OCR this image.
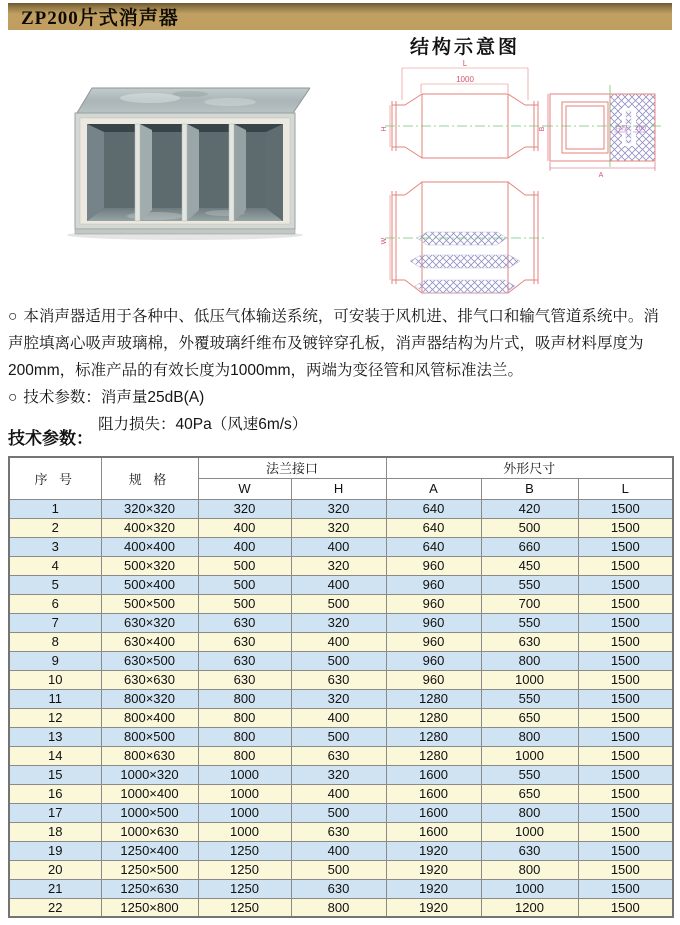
ZP200片式消声器
结构示意图
L
1000
H
W
B
A
片厚 200

○ 本消声器适用于各种中、低压气体输送系统，可安装于风机进、排气口和输气管道系统中。消声腔填离心吸声玻璃棉，外覆玻璃纤维布及镀锌穿孔板，消声器结构为片式，吸声材料厚度为200mm，标准产品的有效长度为1000mm，两端为变径管和风管标准法兰。

○ 技术参数：消声量25dB(A)

阻力损失：40Pa（风速6m/s）

技术参数：
序 号	规 格	法兰接口		外形尺寸		
		W	H	A	B	L
1	320×320	320	320	640	420	1500
2	400×320	400	320	640	500	1500
3	400×400	400	400	640	660	1500
4	500×320	500	320	960	450	1500
5	500×400	500	400	960	550	1500
6	500×500	500	500	960	700	1500
7	630×320	630	320	960	550	1500
8	630×400	630	400	960	630	1500
9	630×500	630	500	960	800	1500
10	630×630	630	630	960	1000	1500
11	800×320	800	320	1280	550	1500
12	800×400	800	400	1280	650	1500
13	800×500	800	500	1280	800	1500
14	800×630	800	630	1280	1000	1500
15	1000×320	1000	320	1600	550	1500
16	1000×400	1000	400	1600	650	1500
17	1000×500	1000	500	1600	800	1500
18	1000×630	1000	630	1600	1000	1500
19	1250×400	1250	400	1920	630	1500
20	1250×500	1250	500	1920	800	1500
21	1250×630	1250	630	1920	1000	1500
22	1250×800	1250	800	1920	1200	1500
